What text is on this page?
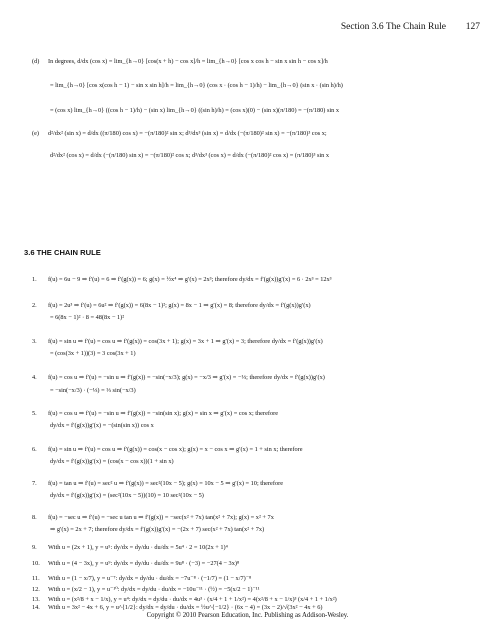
Section 3.6 The Chain Rule 127
(d) In degrees, d/dx (cos x) = lim_{h→0} [cos(x + h) − cos x]/h = lim_{h→0} [cos x cos h − sin x sin h − cos x]/h
= lim_{h→0} [cos x(cos h − 1) − sin x sin h]/h = lim_{h→0} (cos x · (cos h − 1)/h) − lim_{h→0} (sin x · (sin h)/h)
= (cos x) lim_{h→0} ((cos h − 1)/h) − (sin x) lim_{h→0} ((sin h)/h) = (cos x)(0) − (sin x)(π/180) = −(π/180) sin x
(e) d²/dx² (sin x) = d/dx ((π/180) cos x) = −(π/180)² sin x; d³/dx³ (sin x) = d/dx (−(π/180)² sin x) = −(π/180)³ cos x;
d²/dx² (cos x) = d/dx (−(π/180) sin x) = −(π/180)² cos x; d³/dx³ (cos x) = d/dx (−(π/180)² cos x) = (π/180)³ sin x
3.6 THE CHAIN RULE
1. f(u) = 6u − 9 ⇒ f′(u) = 6 ⇒ f′(g(x)) = 6; g(x) = ½x⁴ ⇒ g′(x) = 2x³; therefore dy/dx = f′(g(x))g′(x) = 6 · 2x³ = 12x³
2. f(u) = 2u³ ⇒ f′(u) = 6u² ⇒ f′(g(x)) = 6(8x − 1)²; g(x) = 8x − 1 ⇒ g′(x) = 8; therefore dy/dx = f′(g(x))g′(x)
= 6(8x − 1)² · 8 = 48(8x − 1)²
3. f(u) = sin u ⇒ f′(u) = cos u ⇒ f′(g(x)) = cos(3x + 1); g(x) = 3x + 1 ⇒ g′(x) = 3; therefore dy/dx = f′(g(x))g′(x)
= (cos(3x + 1))(3) = 3 cos(3x + 1)
4. f(u) = cos u ⇒ f′(u) = −sin u ⇒ f′(g(x)) = −sin(−x/3); g(x) = −x/3 ⇒ g′(x) = −⅓; therefore dy/dx = f′(g(x))g′(x)
= −sin(−x/3) · (−⅓) = ⅓ sin(−x/3)
5. f(u) = cos u ⇒ f′(u) = −sin u ⇒ f′(g(x)) = −sin(sin x); g(x) = sin x ⇒ g′(x) = cos x; therefore
dy/dx = f′(g(x))g′(x) = −(sin(sin x)) cos x
6. f(u) = sin u ⇒ f′(u) = cos u ⇒ f′(g(x)) = cos(x − cos x); g(x) = x − cos x ⇒ g′(x) = 1 + sin x; therefore
dy/dx = f′(g(x))g′(x) = (cos(x − cos x))(1 + sin x)
7. f(u) = tan u ⇒ f′(u) = sec² u ⇒ f′(g(x)) = sec²(10x − 5); g(x) = 10x − 5 ⇒ g′(x) = 10; therefore
dy/dx = f′(g(x))g′(x) = (sec²(10x − 5))(10) = 10 sec²(10x − 5)
8. f(u) = −sec u ⇒ f′(u) = −sec u tan u ⇒ f′(g(x)) = −sec(x² + 7x) tan(x² + 7x); g(x) = x² + 7x
⇒ g′(x) = 2x + 7; therefore dy/dx = f′(g(x))g′(x) = −(2x + 7) sec(x² + 7x) tan(x² + 7x)
9. With u = (2x + 1), y = u⁵: dy/dx = dy/du · du/dx = 5u⁴ · 2 = 10(2x + 1)⁴
10. With u = (4 − 3x), y = u⁹: dy/dx = dy/du · du/dx = 9u⁸ · (−3) = −27(4 − 3x)⁸
11. With u = (1 − x/7), y = u⁻⁷: dy/dx = dy/du · du/dx = −7u⁻⁸ · (−1/7) = (1 − x/7)⁻⁸
12. With u = (x/2 − 1), y = u⁻¹⁰: dy/dx = dy/du · du/dx = −10u⁻¹¹ · (½) = −5(x/2 − 1)⁻¹¹
13. With u = (x²/8 + x − 1/x), y = u⁴: dy/dx = dy/du · du/dx = 4u³ · (x/4 + 1 + 1/x²) = 4(x²/8 + x − 1/x)³ (x/4 + 1 + 1/x²)
14. With u = 3x² − 4x + 6, y = u^{1/2}: dy/dx = dy/du · du/dx = ½u^{−1/2} · (6x − 4) = (3x − 2)/√(3x² − 4x + 6)
Copyright © 2010 Pearson Education, Inc. Publishing as Addison-Wesley.
